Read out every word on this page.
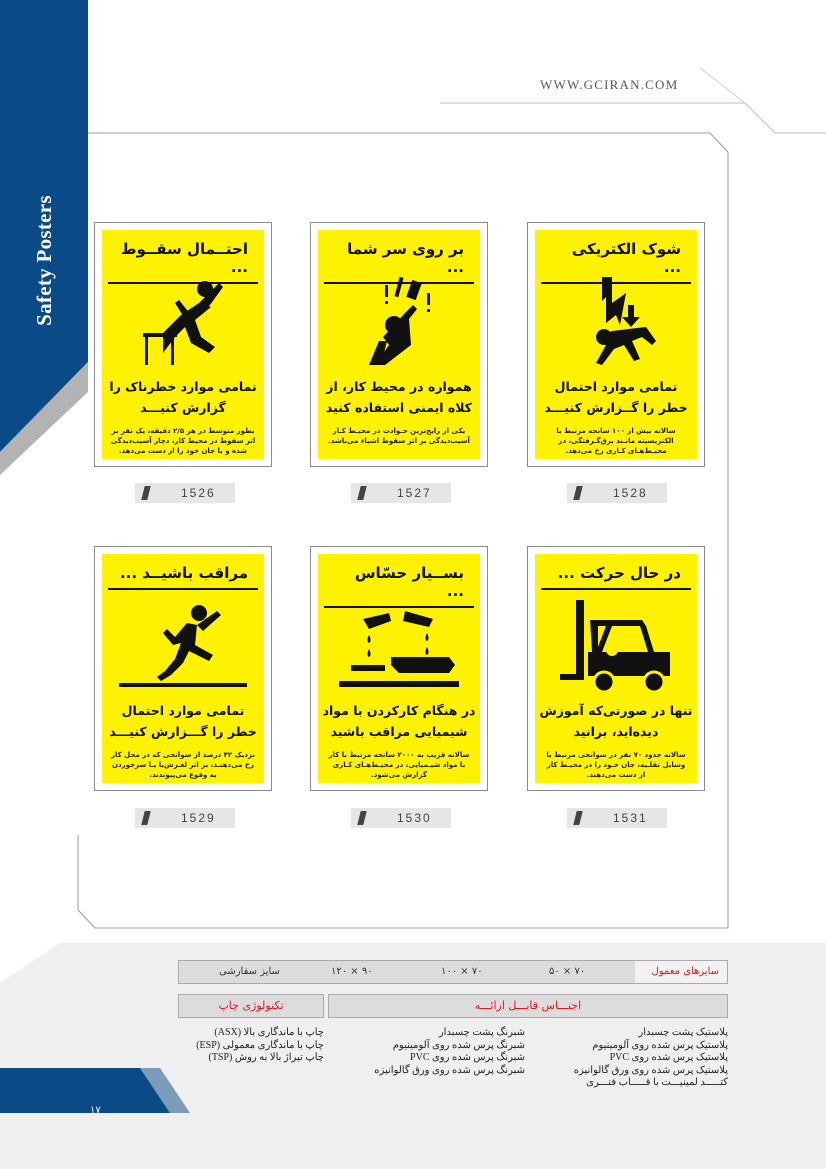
Safety Posters
WWW.GCIRAN.COM
احتــمال سقــوط ...
تمامی موارد خطرناک را گزارش کنیـــد
بطور متوسط در هر ۲/۵ دقیقه، یک نفر بر اثر سقوط در محیط کار، دچار آسیب‌دیدگی شده و یا جان خود را از دست می‌دهد.
1526
بر روی سر شما ...
همواره در محیط کار، از کلاه ایمنی استفاده کنید
یکی از رایج‌ترین حـوادث در محیـط کـار آسیب‌دیدگی بر اثر سقوط اشیاء می‌باشد.
1527
شوک الکتریکی ...
تمامی موارد احتمال خطر را گــزارش کنیـــد
سالانه بیش از ۱۰۰ سانحه مرتبط با الکتریسیته مانـند برق‌گـرفتگی، در محیـط‌هـای کـاری رخ می‌دهد.
1528
مراقب باشیــد ...
تمامی موارد احتمال خطر را گـــزارش کنیـــد
نزدیک ۴۲ درصد از سوانحی که در محل کار رخ می‌دهنـد، بر اثر لغـزش‌یا یـا سرخوردن به وقوع می‌پیوندند.
1529
بســیار حسّاس ...
در هنگام کارکردن با مواد شیمیایی مراقب باشید
سالانه قریب به ۲۰۰۰ سانحه مرتبط با کار با مواد شیـمیایی، در محیـط‌هـای کـاری گزارش می‌شود.
1530
در حال حرکت ...
تنها در صورتی‌که آموزش دیده‌اید، برانید
سالانه حدود ۷۰ نفر در سوانحی مرتبط با وسایل نقلـیه، جان خـود را در محیـط کار از دست می‌دهند.
1531
سایزهای معمول
۵۰ × ۷۰
۱۰۰ × ۷۰
۱۲۰ × ۹۰
سایز سفارشی
اجنـــاس قابـــل ارائـــه
تکنولوژی چاپ
پلاستیک پشت چسبدار
پلاستیک پرس شده روی آلومینیوم
پلاستیک پرس شده روی PVC
پلاستیک پرس شده روی ورق گالوانیزه
کتـــــد لمینیـــت با قـــــاب فنـــری
شبرنگ پشت چسبدار
شبرنگ پرس شده روی آلومینیوم
شبرنگ پرس شده روی PVC
شبرنگ پرس شده روی ورق گالوانیزه
چاپ با ماندگاری بالا (ASX)
چاپ با ماندگاری معمولی (ESP)
چاپ تیراژ بالا به روش (TSP)
۱۷
